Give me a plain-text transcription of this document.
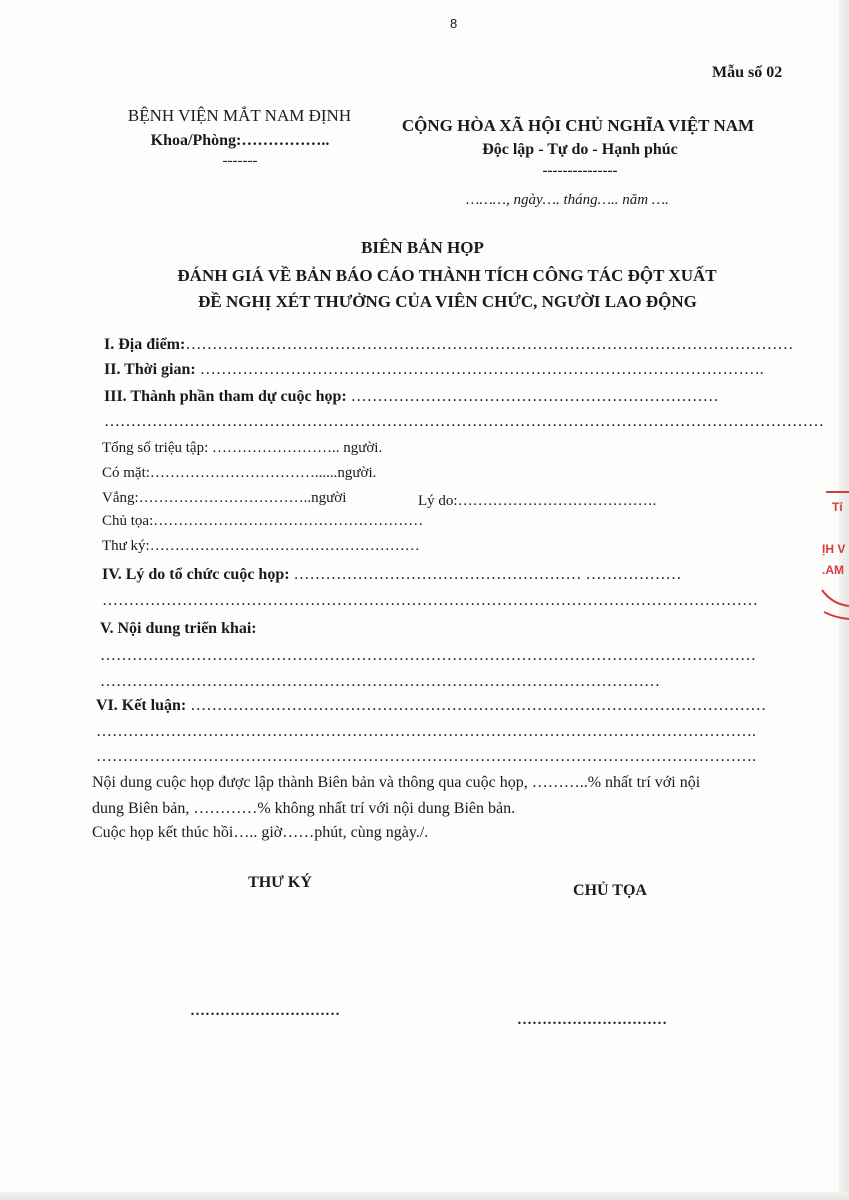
8
Mẫu số 02
BỆNH VIỆN MẮT NAM ĐỊNH
Khoa/Phòng:……………..
-------
CỘNG HÒA XÃ HỘI CHỦ NGHĨA VIỆT NAM
Độc lập - Tự do - Hạnh phúc
---------------
………, ngày…. tháng….. năm ….
BIÊN BẢN HỌP
ĐÁNH GIÁ VỀ BẢN BÁO CÁO THÀNH TÍCH CÔNG TÁC ĐỘT XUẤT
ĐỀ NGHỊ XÉT THƯỞNG CỦA VIÊN CHỨC, NGƯỜI LAO ĐỘNG
I. Địa điểm:……………………………………………………………………………………………………
II. Thời gian: …………………………………………………………………………………………….
III. Thành phần tham dự cuộc họp: ……………………………………………………………
………………………………………………………………………………………………………………………
Tổng số triệu tập: …………………….. người.
Có mặt:……………………………......người.
Vắng:……………………………..người	Lý do:………………………………….
Chủ tọa:………………………………………………
Thư ký:………………………………………………
IV. Lý do tổ chức cuộc họp: ……………………………………………… ………………
……………………………………………………………………………………………………………
V. Nội dung triển khai:
……………………………………………………………………………………………………………
……………………………………………………………………………………………
VI. Kết luận: ………………………………………………………………………………………………
…………………………………………………………………………………………………………….
…………………………………………………………………………………………………………….
Nội dung cuộc họp được lập thành Biên bản và thông qua cuộc họp, ………..% nhất trí với nội
dung Biên bản, …………% không nhất trí với nội dung Biên bản.
Cuộc họp kết thúc hồi….. giờ……phút, cùng ngày./.
THƯ KÝ	CHỦ TỌA
…………………………
…………………………
Tỉ
ỊH V
.AM
